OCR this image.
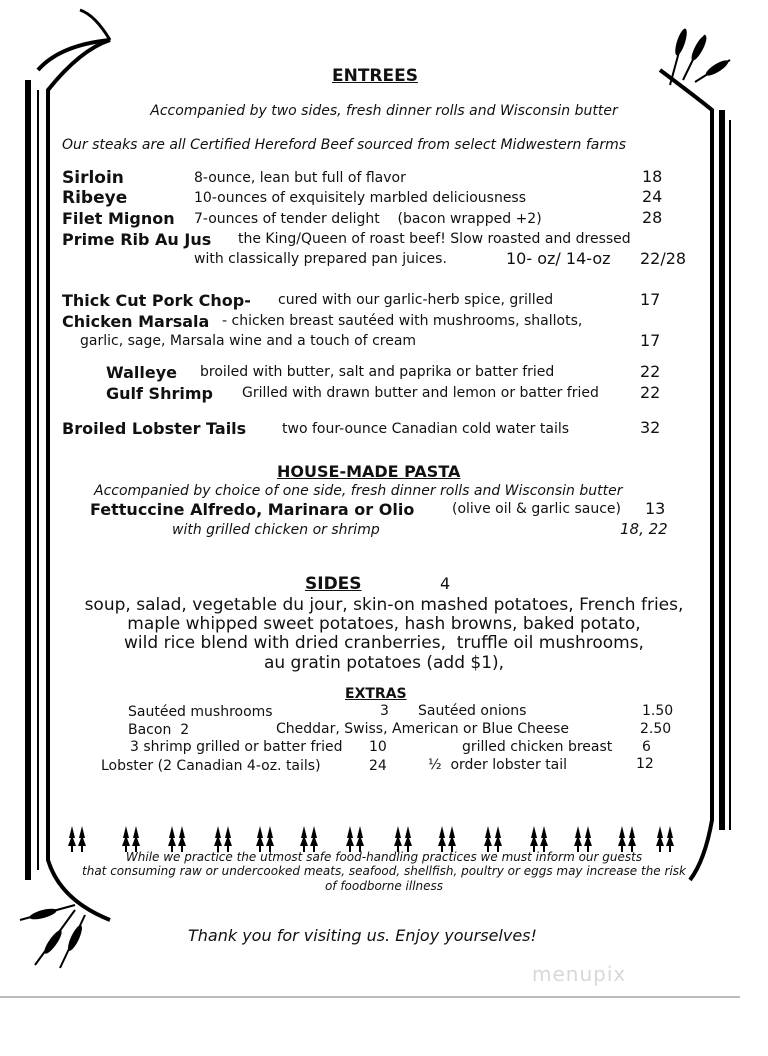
ENTREES
Accompanied by two sides, fresh dinner rolls and Wisconsin butter
Our steaks are all Certified Hereford Beef sourced from select Midwestern farms
Sirloin	8-ounce, lean but full of flavor	18
Ribeye	10-ounces of exquisitely marbled deliciousness	24
Filet Mignon 7-ounces of tender delight    (bacon wrapped +2)	28
Prime Rib Au Jus the King/Queen of roast beef! Slow roasted and dressed
with classically prepared pan juices.	10- oz/ 14-oz 22/28
Thick Cut Pork Chop- cured with our garlic-herb spice, grilled	17
Chicken Marsala - chicken breast sautéed with mushrooms, shallots,
garlic, sage, Marsala wine and a touch of cream	17
Walleye broiled with butter, salt and paprika or batter fried	22
Gulf Shrimp Grilled with drawn butter and lemon or batter fried	22
Broiled Lobster Tails	two four-ounce Canadian cold water tails	32
HOUSE-MADE PASTA
Accompanied by choice of one side, fresh dinner rolls and Wisconsin butter
Fettuccine Alfredo, Marinara or Olio	(olive oil & garlic sauce) 13
with grilled chicken or shrimp	18, 22
SIDES	4
soup, salad, vegetable du jour, skin-on mashed potatoes, French fries,
maple whipped sweet potatoes, hash browns, baked potato,
wild rice blend with dried cranberries,  truffle oil mushrooms,
au gratin potatoes (add $1),
EXTRAS
Sautéed mushrooms	3 Sautéed onions	1.50
Bacon  2	Cheddar, Swiss, American or Blue Cheese	2.50
3 shrimp grilled or batter fried 10	grilled chicken breast 6
Lobster (2 Canadian 4-oz. tails)	24	½  order lobster tail	12
While we practice the utmost safe food-handling practices we must inform our guests
that consuming raw or undercooked meats, seafood, shellfish, poultry or eggs may increase the risk
of foodborne illness
Thank you for visiting us. Enjoy yourselves!
menupix
